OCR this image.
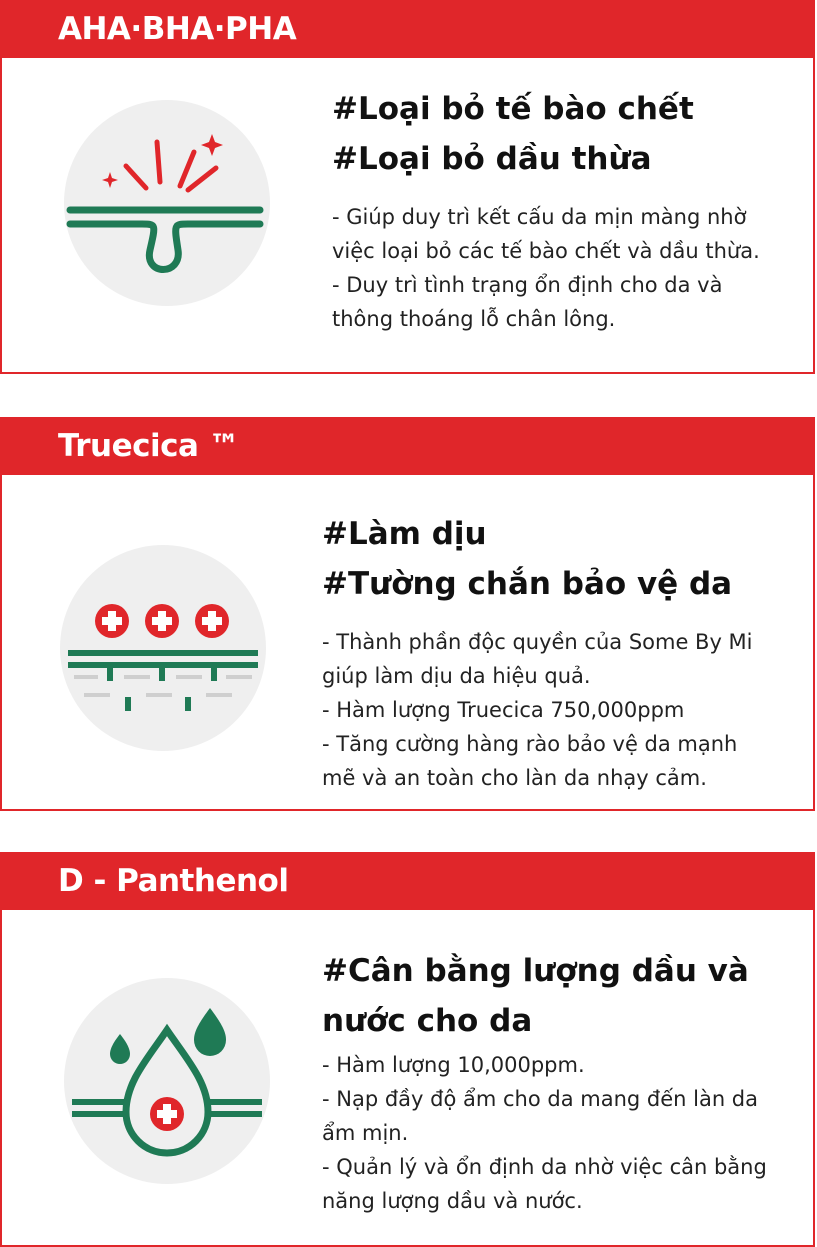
AHA·BHA·PHA
#Loại bỏ tế bào chết
#Loại bỏ dầu thừa
- Giúp duy trì kết cấu da mịn màng nhờ
việc loại bỏ các tế bào chết và dầu thừa.
- Duy trì tình trạng ổn định cho da và
thông thoáng lỗ chân lông.
Truecica ™
#Làm dịu
#Tường chắn bảo vệ da
- Thành phần độc quyền của Some By Mi
giúp làm dịu da hiệu quả.
- Hàm lượng Truecica 750,000ppm
- Tăng cường hàng rào bảo vệ da mạnh
mẽ và an toàn cho làn da nhạy cảm.
D - Panthenol
#Cân bằng lượng dầu và
nước cho da
- Hàm lượng 10,000ppm.
- Nạp đầy độ ẩm cho da mang đến làn da
ẩm mịn.
- Quản lý và ổn định da nhờ việc cân bằng
năng lượng dầu và nước.
